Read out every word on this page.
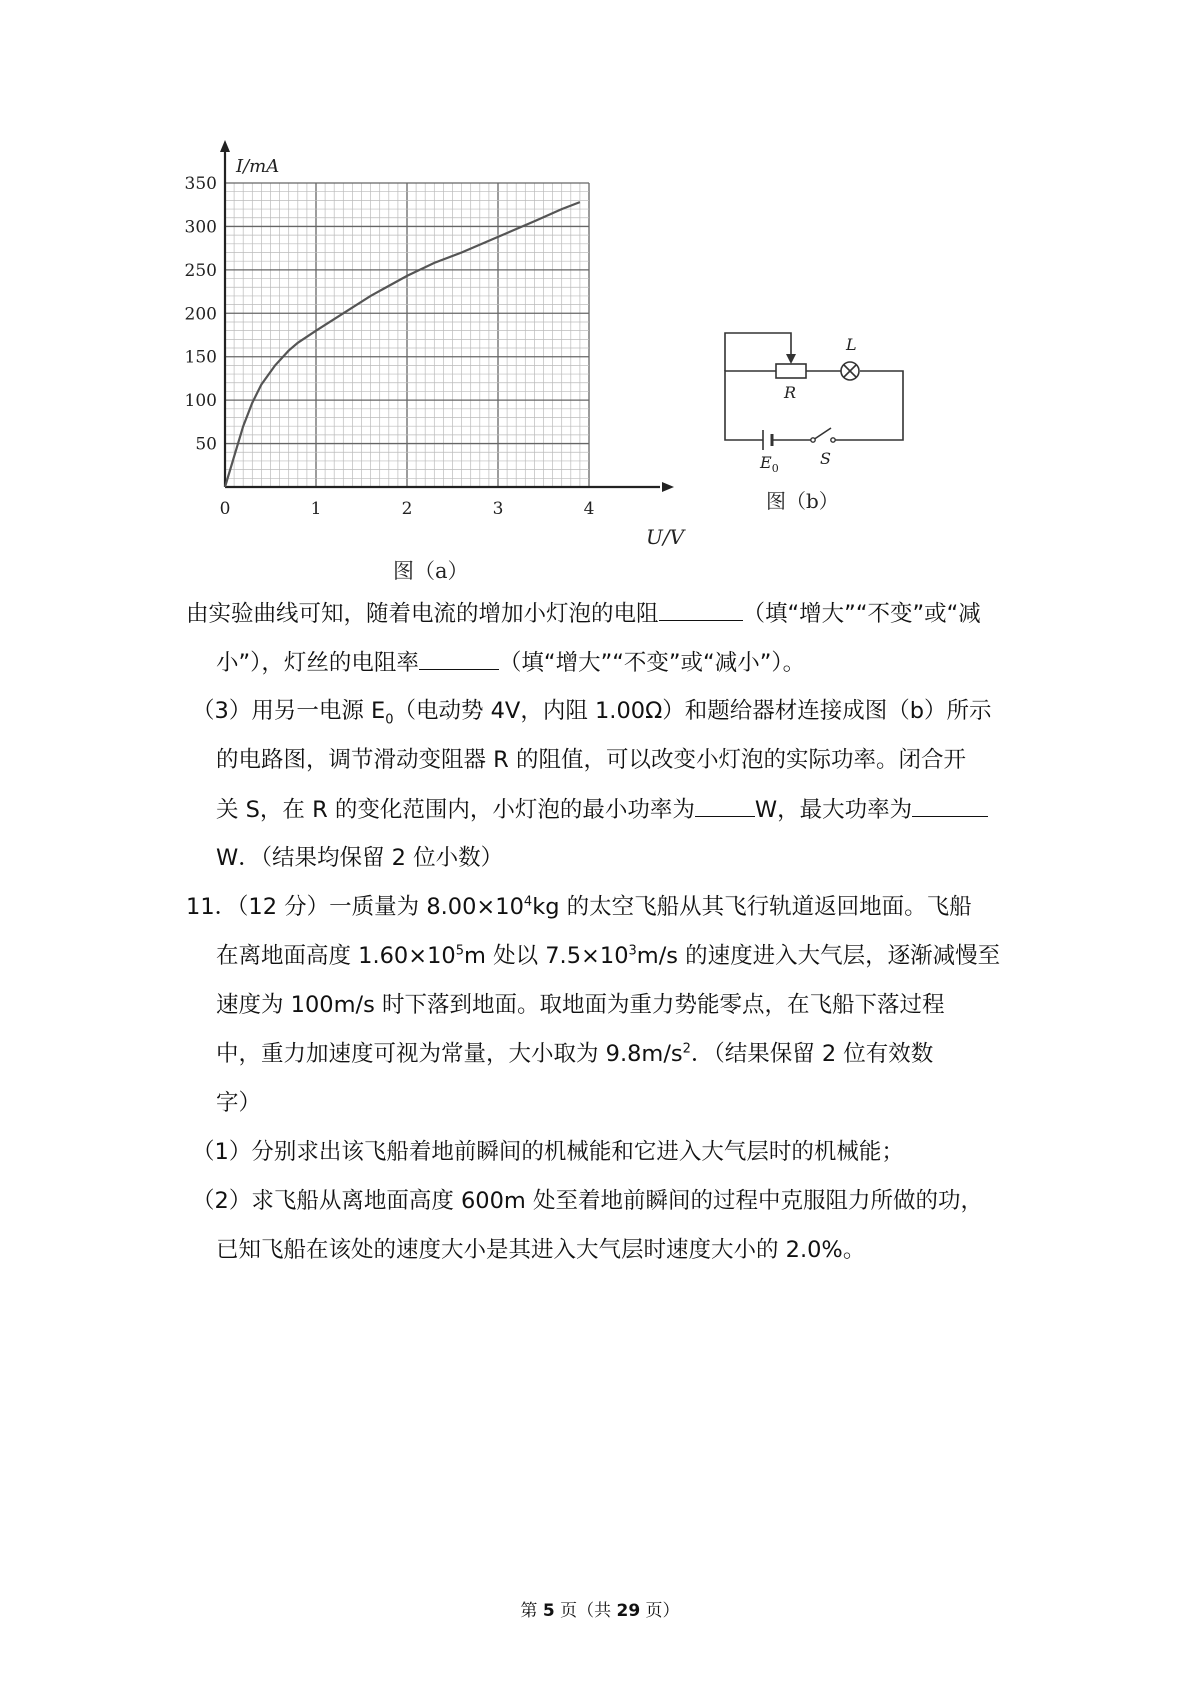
0	1	2	3	4
50
100
150
200
250
300
350
I/mA
U/V
图（a）
R
L
$E_0$
S
图（b）
由实验曲线可知，随着电流的增加小灯泡的电阻	（填“增大”“不变”或“减
小”），灯丝的电阻率	（填“增大”“不变”或“减小”）。
（3）用另一电源 $E_0$（电动势 4V，内阻 1.00Ω）和题给器材连接成图（b）所示
的电路图，调节滑动变阻器 R 的阻值，可以改变小灯泡的实际功率。闭合开
关 S，在 R 的变化范围内，小灯泡的最小功率为	W，最大功率为
W．（结果均保留 2 位小数）
11．（12 分）一质量为 $8.00\times 10^4kg$ 的太空飞船从其飞行轨道返回地面。飞船
在离地面高度 $1.60\times 10^5m$ 处以 $7.5\times 10^3m/s$ 的速度进入大气层，逐渐减慢至
速度为 100m/s 时下落到地面。取地面为重力势能零点，在飞船下落过程
中，重力加速度可视为常量，大小取为 $9.8m/s^2$．（结果保留 2 位有效数
字）
（1）分别求出该飞船着地前瞬间的机械能和它进入大气层时的机械能；
（2）求飞船从离地面高度 600m 处至着地前瞬间的过程中克服阻力所做的功，
已知飞船在该处的速度大小是其进入大气层时速度大小的 2.0%。
第 5 页（共 29 页）
